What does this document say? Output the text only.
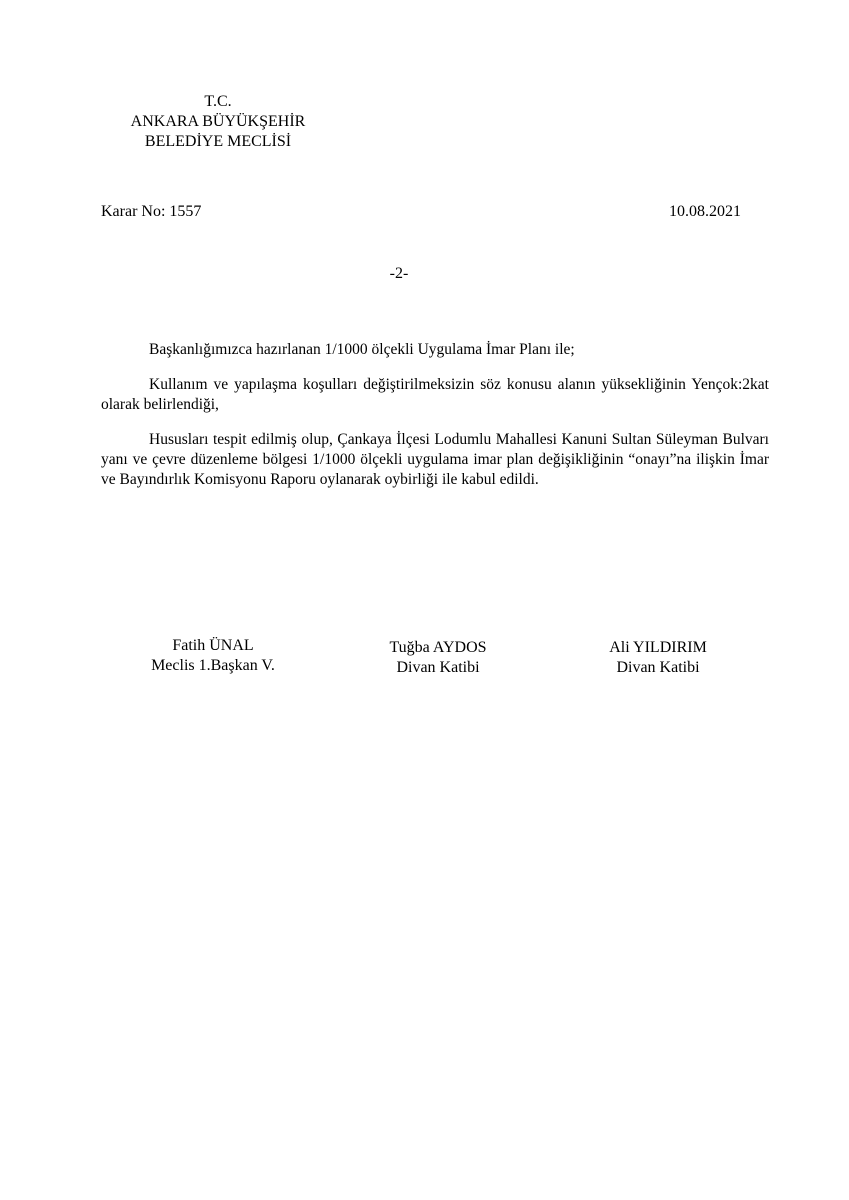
T.C.
ANKARA BÜYÜKŞEHİR
BELEDİYE MECLİSİ
Karar No: 1557	10.08.2021
-2-

Başkanlığımızca hazırlanan 1/1000 ölçekli Uygulama İmar Planı ile;

Kullanım ve yapılaşma koşulları değiştirilmeksizin söz konusu alanın yüksekliğinin Yençok:2kat olarak belirlendiği,

Hususları tespit edilmiş olup, Çankaya İlçesi Lodumlu Mahallesi Kanuni Sultan Süleyman Bulvarı yanı ve çevre düzenleme bölgesi 1/1000 ölçekli uygulama imar plan değişikliğinin “onayı”na ilişkin İmar ve Bayındırlık Komisyonu Raporu oylanarak oybirliği ile kabul edildi.

Fatih ÜNAL
Meclis 1.Başkan V.
Tuğba AYDOS
Divan Katibi
Ali YILDIRIM
Divan Katibi
